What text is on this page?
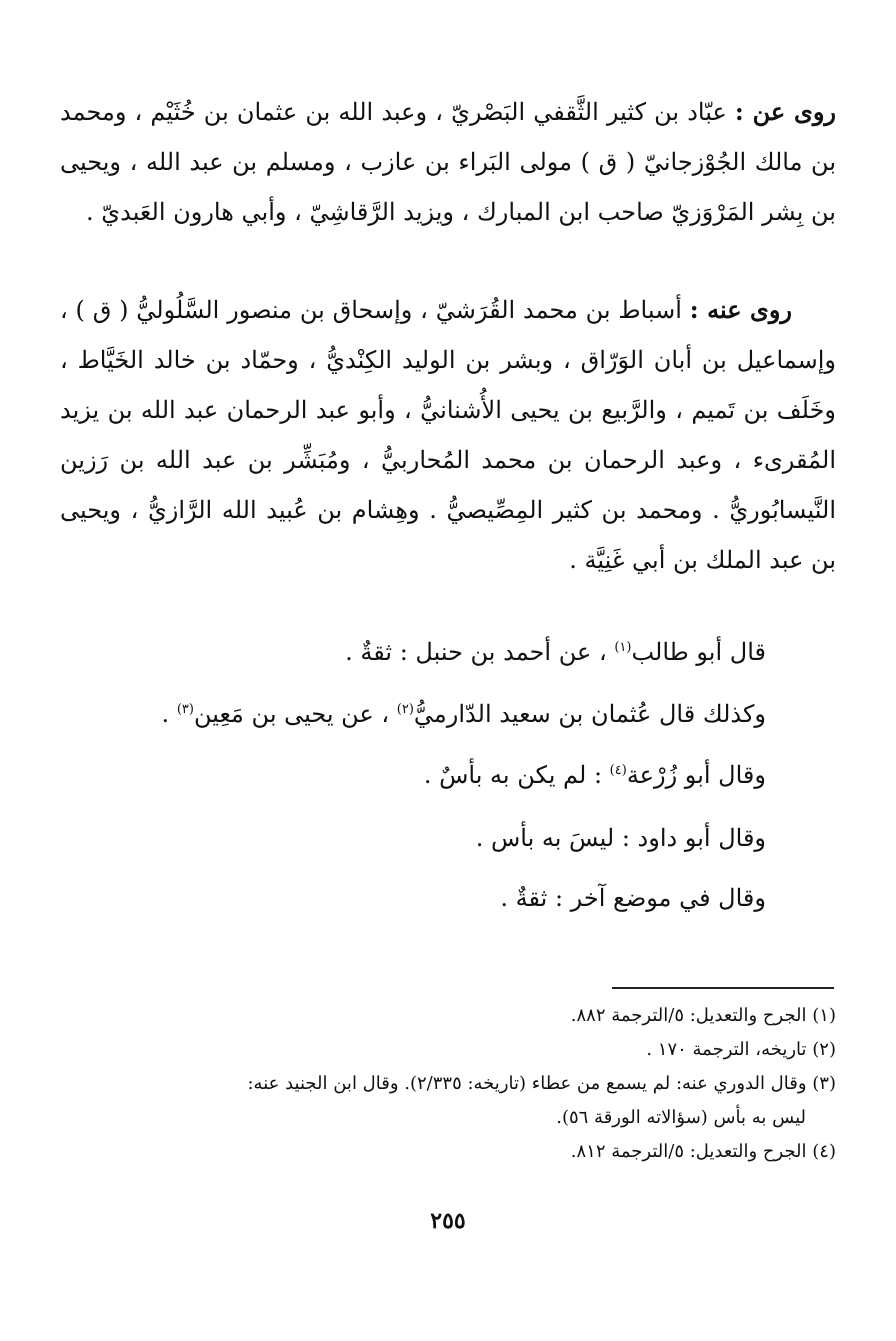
روى عن : عبّاد بن كثير الثَّقفي البَصْريّ ، وعبد الله بن عثمان بن خُثَيْم ، ومحمد بن مالك الجُوْزجانيّ ( ق ) مولى البَراء بن عازب ، ومسلم بن عبد الله ، ويحيى بن بِشر المَرْوَزيّ صاحب ابن المبارك ، ويزيد الرَّقاشِيّ ، وأبي هارون العَبديّ .
روى عنه : أسباط بن محمد القُرَشيّ ، وإسحاق بن منصور السَّلُوليُّ ( ق ) ، وإسماعيل بن أبان الوَرّاق ، وبشر بن الوليد الكِنْديُّ ، وحمّاد بن خالد الخَيَّاط ، وخَلَف بن تَميم ، والرَّبيع بن يحيى الأُشنانيُّ ، وأبو عبد الرحمان عبد الله بن يزيد المُقرىء ، وعبد الرحمان بن محمد المُحاربيُّ ، ومُبَشِّر بن عبد الله بن رَزين النَّيسابُوريُّ . ومحمد بن كثير المِصِّيصيُّ . وهِشام بن عُبيد الله الرَّازيُّ ، ويحيى بن عبد الملك بن أبي غَنِيَّة .
قال أبو طالب$^{(١)}$ ، عن أحمد بن حنبل : ثقةٌ .
وكذلك قال عُثمان بن سعيد الدّارميُّ$^{(٢)}$ ، عن يحيى بن مَعِين$^{(٣)}$ .
وقال أبو زُرْعة$^{(٤)}$ : لم يكن به بأسٌ .
وقال أبو داود : ليسَ به بأس .
وقال في موضع آخر : ثقةٌ .

(١) الجرح والتعديل: ٥/الترجمة ٨٨٢.

(٢) تاريخه، الترجمة ١٧٠ .

(٣) وقال الدوري عنه: لم يسمع من عطاء (تاريخه: ٢/٣٣٥). وقال ابن الجنيد عنه:

ليس به بأس (سؤالاته الورقة ٥٦).

(٤) الجرح والتعديل: ٥/الترجمة ٨١٢.

٢٥٥
